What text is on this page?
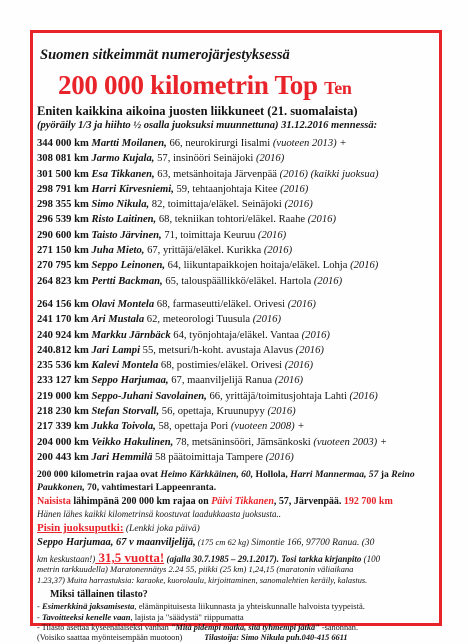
Suomen sitkeimmät numerojärjestyksessä
200 000 kilometrin Top Ten
Eniten kaikkina aikoina juosten liikkuneet (21. suomalaista)
(pyöräily 1/3 ja hiihto ½ osalla juoksuksi muunnettuna) 31.12.2016 mennessä:
344 000 km Martti Moilanen, 66, neurokirurgi Iisalmi (vuoteen 2013) +
308 081 km Jarmo Kujala, 57, insinööri Seinäjoki (2016)
301 500 km Esa Tikkanen, 63, metsänhoitaja Järvenpää (2016) (kaikki juoksua)
298 791 km Harri Kirvesniemi, 59, tehtaanjohtaja Kitee (2016)
298 355 km Simo Nikula, 82, toimittaja/eläkel. Seinäjoki (2016)
296 539 km Risto Laitinen, 68, tekniikan tohtori/eläkel. Raahe (2016)
290 600 km Taisto Järvinen, 71, toimittaja Keuruu (2016)
271 150 km Juha Mieto, 67, yrittäjä/eläkel. Kurikka (2016)
270 795 km Seppo Leinonen, 64, liikuntapaikkojen hoitaja/eläkel. Lohja (2016)
264 823 km Pertti Backman, 65, talouspäällikkö/eläkel. Hartola (2016)
264 156 km Olavi Montela 68, farmaseutti/eläkel. Orivesi (2016)
241 170 km Ari Mustala 62, meteorologi Tuusula (2016)
240 924 km Markku Järnbäck 64, työnjohtaja/eläkel. Vantaa (2016)
240.812 km Jari Lampi 55, metsuri/h-koht. avustaja Alavus (2016)
235 536 km Kalevi Montela 68, postimies/eläkel. Orivesi (2016)
233 127 km Seppo Harjumaa, 67, maanviljelijä Ranua (2016)
219 000 km Seppo-Juhani Savolainen, 66, yrittäjä/toimitusjohtaja Lahti (2016)
218 230 km Stefan Storvall, 56, opettaja, Kruunupyy (2016)
217 339 km Jukka Toivola, 58, opettaja Pori (vuoteen 2008) +
204 000 km Veikko Hakulinen, 78, metsäninsööri, Jämsänkoski (vuoteen 2003) +
200 443 km Jari Hemmilä 58 päätoimittaja Tampere (2016)
200 000 kilometrin rajaa ovat Heimo Kärkkäinen, 60, Hollola, Harri Mannermaa, 57 ja Reino
Paukkonen, 70, vahtimestari Lappeenranta.
Naisista lähimpänä 200 000 km rajaa on Päivi Tikkanen, 57, Järvenpää. 192 700 km
Hänen lähes kaikki kilometrinsä koostuvat laadukkaasta juoksusta..
Pisin juoksuputki: (Lenkki joka päivä)
Seppo Harjumaa, 67 v maanviljelijä, (175 cm 62 kg) Simontie 166, 97700 Ranua. (30
km keskustaan!) 31,5 vuotta! (ajalla 30.7.1985 – 29.1.2017). Tosi tarkka kirjanpito (100
metrin tarkkuudella) Maratonennätys 2.24 55, piikki (25 km) 1,24,15 (maratonin väliaikana
1.23,37) Muita harrastuksia: karaoke, kuorolaulu, kirjoittaminen, sanomalehtien keräily, kalastus.
Miksi tällainen tilasto?
- Esimerkkinä jaksamisesta, elämänpituisesta liikunnasta ja yhteiskunnalle halvoista tyypeistä.
- Tavoitteeksi kenelle vaan, lajista ja "säädystä" riippumatta
- Tilasto asettaa kyseenalaiseksi vanhan "Mitä pidempi matka, sitä tyhmempi jätkä" -sanonnan.
(Voisiko saattaa myönteisempään muotoon)	Tilastoija: Simo Nikula puh.040-415 6611
